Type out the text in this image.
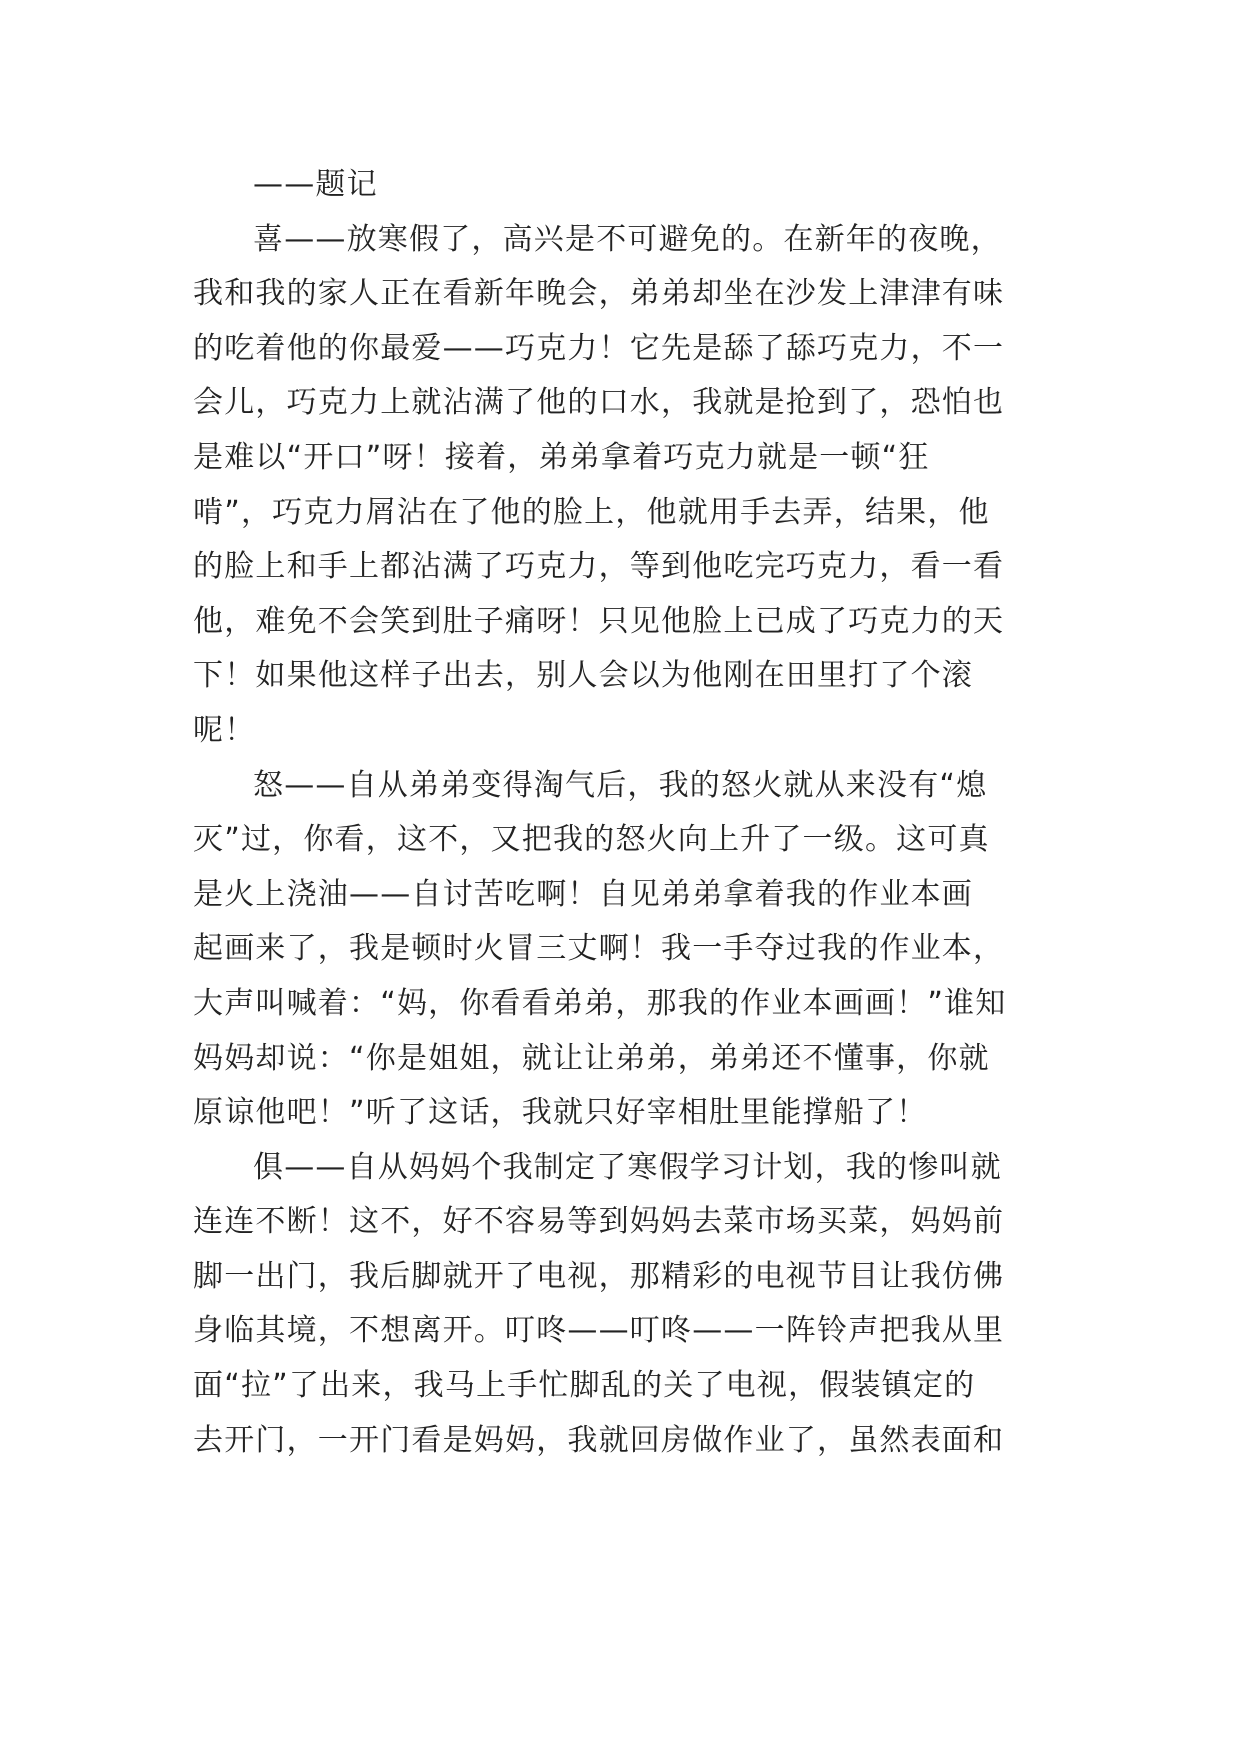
——题记
喜——放寒假了，高兴是不可避免的。在新年的夜晚，
我和我的家人正在看新年晚会，弟弟却坐在沙发上津津有味
的吃着他的你最爱——巧克力！它先是舔了舔巧克力，不一
会儿，巧克力上就沾满了他的口水，我就是抢到了，恐怕也
是难以“开口”呀！接着，弟弟拿着巧克力就是一顿“狂
啃”，巧克力屑沾在了他的脸上，他就用手去弄，结果，他
的脸上和手上都沾满了巧克力，等到他吃完巧克力，看一看
他，难免不会笑到肚子痛呀！只见他脸上已成了巧克力的天
下！如果他这样子出去，别人会以为他刚在田里打了个滚
呢！
怒——自从弟弟变得淘气后，我的怒火就从来没有“熄
灭”过，你看，这不，又把我的怒火向上升了一级。这可真
是火上浇油——自讨苦吃啊！自见弟弟拿着我的作业本画
起画来了，我是顿时火冒三丈啊！我一手夺过我的作业本，
大声叫喊着：“妈，你看看弟弟，那我的作业本画画！”谁知
妈妈却说：“你是姐姐，就让让弟弟，弟弟还不懂事，你就
原谅他吧！”听了这话，我就只好宰相肚里能撑船了！
俱——自从妈妈个我制定了寒假学习计划，我的惨叫就
连连不断！这不，好不容易等到妈妈去菜市场买菜，妈妈前
脚一出门，我后脚就开了电视，那精彩的电视节目让我仿佛
身临其境，不想离开。叮咚——叮咚——一阵铃声把我从里
面“拉”了出来，我马上手忙脚乱的关了电视，假装镇定的
去开门，一开门看是妈妈，我就回房做作业了，虽然表面和
